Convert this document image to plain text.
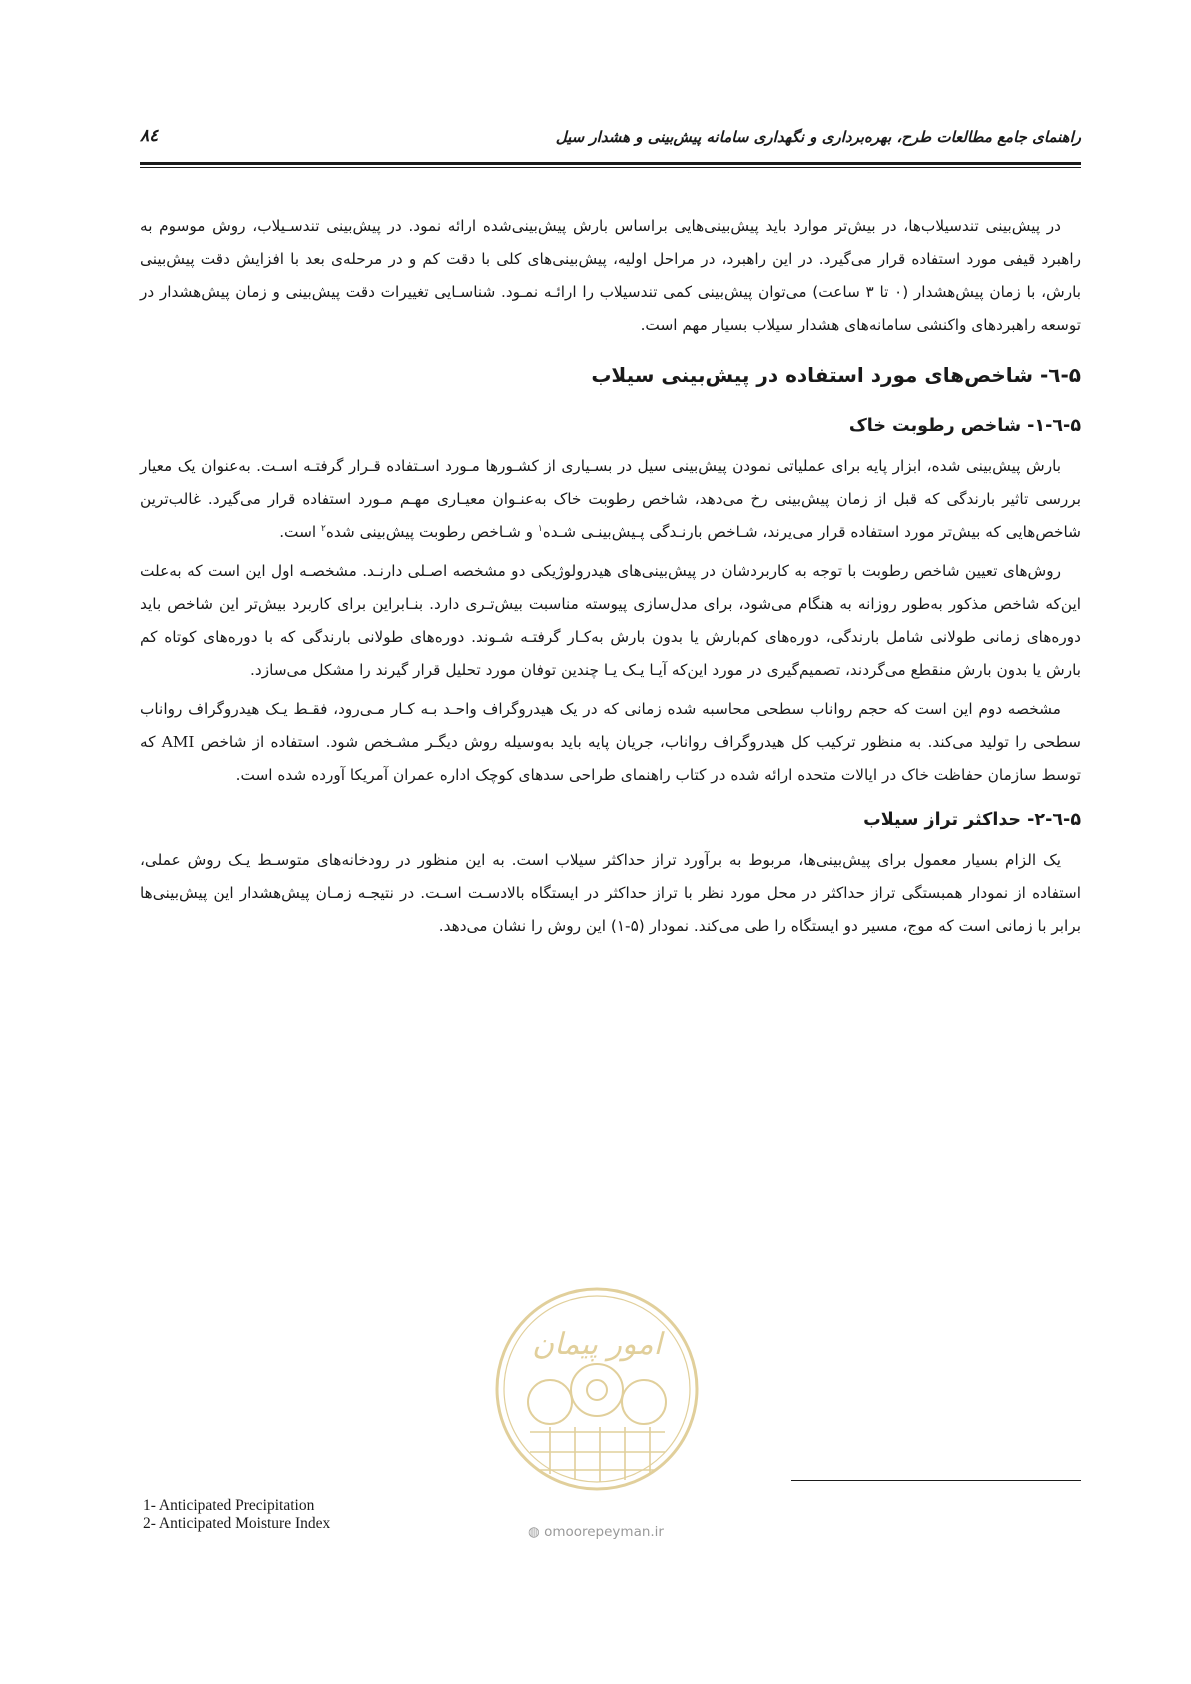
راهنمای جامع مطالعات طرح، بهره‌برداری و نگهداری سامانه پیش‌بینی و هشدار سیل
۸٤

در پیش‌بینی تندسیلاب‌ها، در بیش‌تر موارد باید پیش‌بینی‌هایی براساس بارش پیش‌بینی‌شده ارائه نمود. در پیش‌بینی تندسـیلاب، روش موسوم به راهبرد قیفی مورد استفاده قرار می‌گیرد. در این راهبرد، در مراحل اولیه، پیش‌بینی‌های کلی با دقت کم و در مرحله‌ی بعد با افزایش دقت پیش‌بینی بارش، با زمان پیش‌هشدار (۰ تا ۳ ساعت) می‌توان پیش‌بینی کمی تندسیلاب را ارائـه نمـود. شناسـایی تغییرات دقت پیش‌بینی و زمان پیش‌هشدار در توسعه راهبردهای واکنشی سامانه‌های هشدار سیلاب بسیار مهم است.

۵-٦- شاخص‌های مورد استفاده در پیش‌بینی سیلاب
۵-٦-۱- شاخص رطوبت خاک

بارش پیش‌بینی شده، ابزار پایه برای عملیاتی نمودن پیش‌بینی سیل در بسـیاری از کشـورها مـورد اسـتفاده قـرار گرفتـه اسـت. به‌عنوان یک معیار بررسی تاثیر بارندگی که قبل از زمان پیش‌بینی رخ می‌دهد، شاخص رطوبت خاک به‌عنـوان معیـاری مهـم مـورد استفاده قرار می‌گیرد. غالب‌ترین شاخص‌هایی که بیش‌تر مورد استفاده قرار می‌یرند، شـاخص بارنـدگی پـیش‌بینـی شـده$^۱$ و شـاخص رطوبت پیش‌بینی شده$^۲$ است.

روش‌های تعیین شاخص رطوبت با توجه به کاربردشان در پیش‌بینی‌های هیدرولوژیکی دو مشخصه اصـلی دارنـد. مشخصـه اول این است که به‌علت این‌که شاخص مذکور به‌طور روزانه به هنگام می‌شود، برای مدل‌سازی پیوسته مناسبت بیش‌تـری دارد. بنـابراین برای کاربرد بیش‌تر این شاخص باید دوره‌های زمانی طولانی شامل بارندگی، دوره‌های کم‌بارش یا بدون بارش به‌کـار گرفتـه شـوند. دوره‌های طولانی بارندگی که با دوره‌های کوتاه کم بارش یا بدون بارش منقطع می‌گردند، تصمیم‌گیری در مورد این‌که آیـا یـک یـا چندین توفان مورد تحلیل قرار گیرند را مشکل می‌سازد.

مشخصه دوم این است که حجم رواناب سطحی محاسبه شده زمانی که در یک هیدروگراف واحـد بـه کـار مـی‌رود، فقـط یـک هیدروگراف رواناب سطحی را تولید می‌کند. به منظور ترکیب کل هیدروگراف رواناب، جریان پایه باید به‌وسیله روش دیگـر مشـخص شود. استفاده از شاخص AMI که توسط سازمان حفاظت خاک در ایالات متحده ارائه شده در کتاب راهنمای طراحی سدهای کوچک اداره عمران آمریکا آورده شده است.

۵-٦-۲- حداکثر تراز سیلاب

یک الزام بسیار معمول برای پیش‌بینی‌ها، مربوط به برآورد تراز حداکثر سیلاب است. به این منظور در رودخانه‌های متوسـط یـک روش عملی، استفاده از نمودار همبستگی تراز حداکثر در محل مورد نظر با تراز حداکثر در ایستگاه بالادسـت اسـت. در نتیجـه زمـان پیش‌هشدار این پیش‌بینی‌ها برابر با زمانی است که موج، مسیر دو ایستگاه را طی می‌کند. نمودار (۵-۱) این روش را نشان می‌دهد.

امور پیمان
◍ omoorepeyman.ir
1- Anticipated Precipitation
2- Anticipated Moisture Index
